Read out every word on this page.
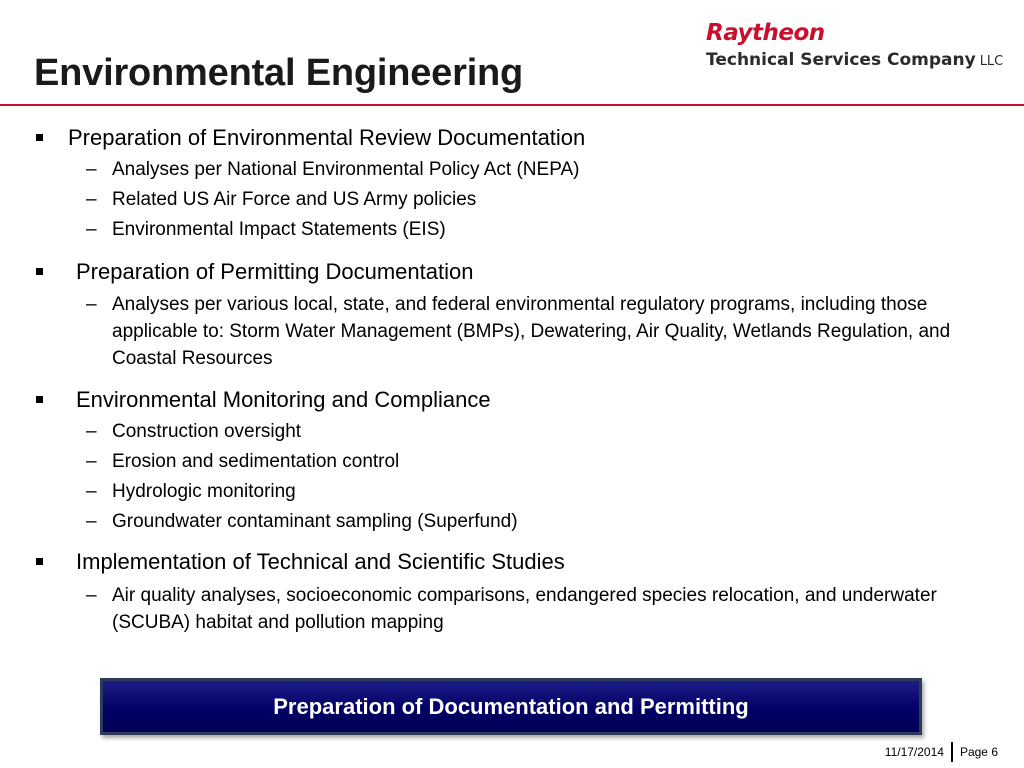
Environmental Engineering
Raytheon
Technical Services Company LLC
Preparation of Environmental Review Documentation
– Analyses per National Environmental Policy Act (NEPA)
– Related US Air Force and US Army policies
– Environmental Impact Statements (EIS)
Preparation of Permitting Documentation
– Analyses per various local, state, and federal environmental regulatory programs, including those applicable to: Storm Water Management (BMPs), Dewatering, Air Quality, Wetlands Regulation, and Coastal Resources
Environmental Monitoring and Compliance
– Construction oversight
– Erosion and sedimentation control
– Hydrologic monitoring
– Groundwater contaminant sampling (Superfund)
Implementation of Technical and Scientific Studies
– Air quality analyses, socioeconomic comparisons, endangered species relocation, and underwater (SCUBA) habitat and pollution mapping
Preparation of Documentation and Permitting
11/17/2014 Page 6
